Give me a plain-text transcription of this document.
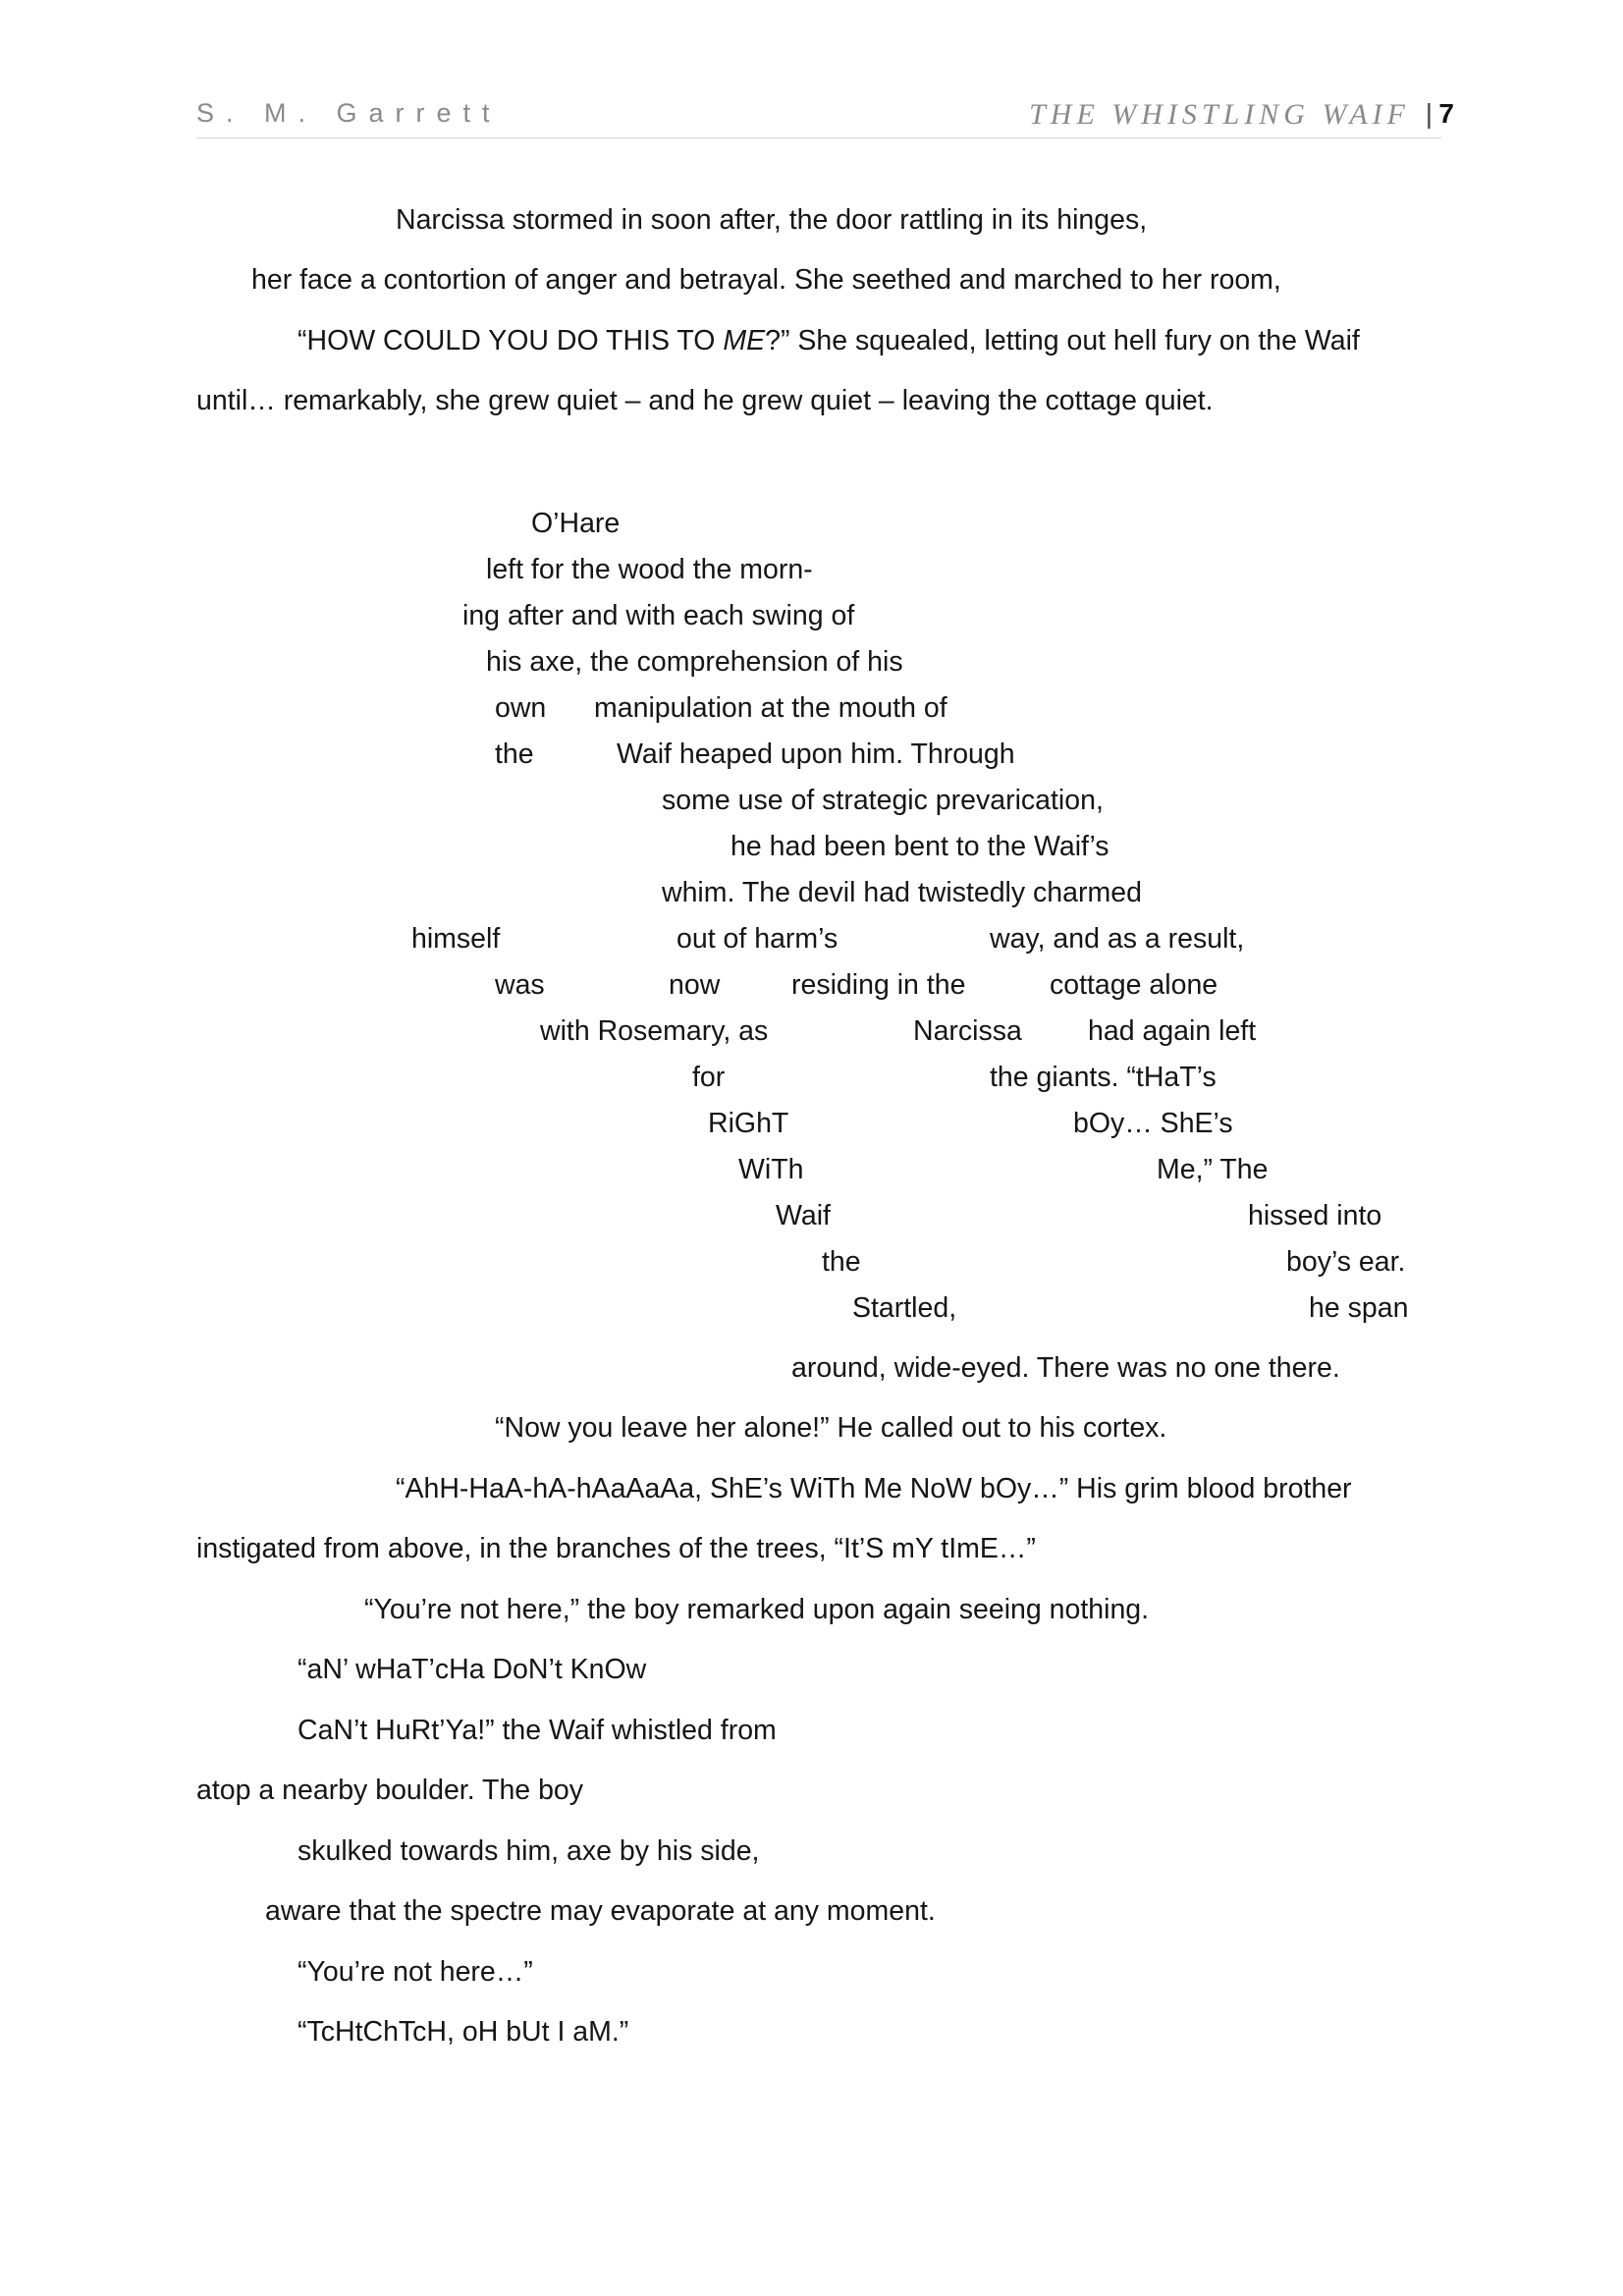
S. M. Garrett	THE WHISTLING WAIF | 7
Narcissa stormed in soon after, the door rattling in its hinges,
her face a contortion of anger and betrayal. She seethed and marched to her room,
“HOW COULD YOU DO THIS TO ME?” She squealed, letting out hell fury on the Waif
until… remarkably, she grew quiet – and he grew quiet – leaving the cottage quiet.
O’Hare
left for the wood the morn-
ing after and with each swing of
his axe, the comprehension of his
own manipulation at the mouth of
the	Waif heaped upon him. Through
some use of strategic prevarication,
he had been bent to the Waif’s
whim. The devil had twistedly charmed
himself	out of harm’s	way, and as a result,
was	now	residing in the	cottage alone
with Rosemary, as	Narcissa had again left
for	the giants. “tHaT’s
RiGhT	bOy… ShE’s
WiTh	Me,” The
Waif	hissed into
the	boy’s ear.
Startled,	he span
around, wide-eyed. There was no one there.
“Now you leave her alone!” He called out to his cortex.
“AhH-HaA-hA-hAaAaAa, ShE’s WiTh Me NoW bOy…” His grim blood brother
instigated from above, in the branches of the trees, “It’S mY tImE…”
“You’re not here,” the boy remarked upon again seeing nothing.
“aN’ wHaT’cHa DoN’t KnOw
CaN’t HuRt’Ya!” the Waif whistled from
atop a nearby boulder. The boy
skulked towards him, axe by his side,
aware that the spectre may evaporate at any moment.
“You’re not here…”
“TcHtChTcH, oH bUt I aM.”
